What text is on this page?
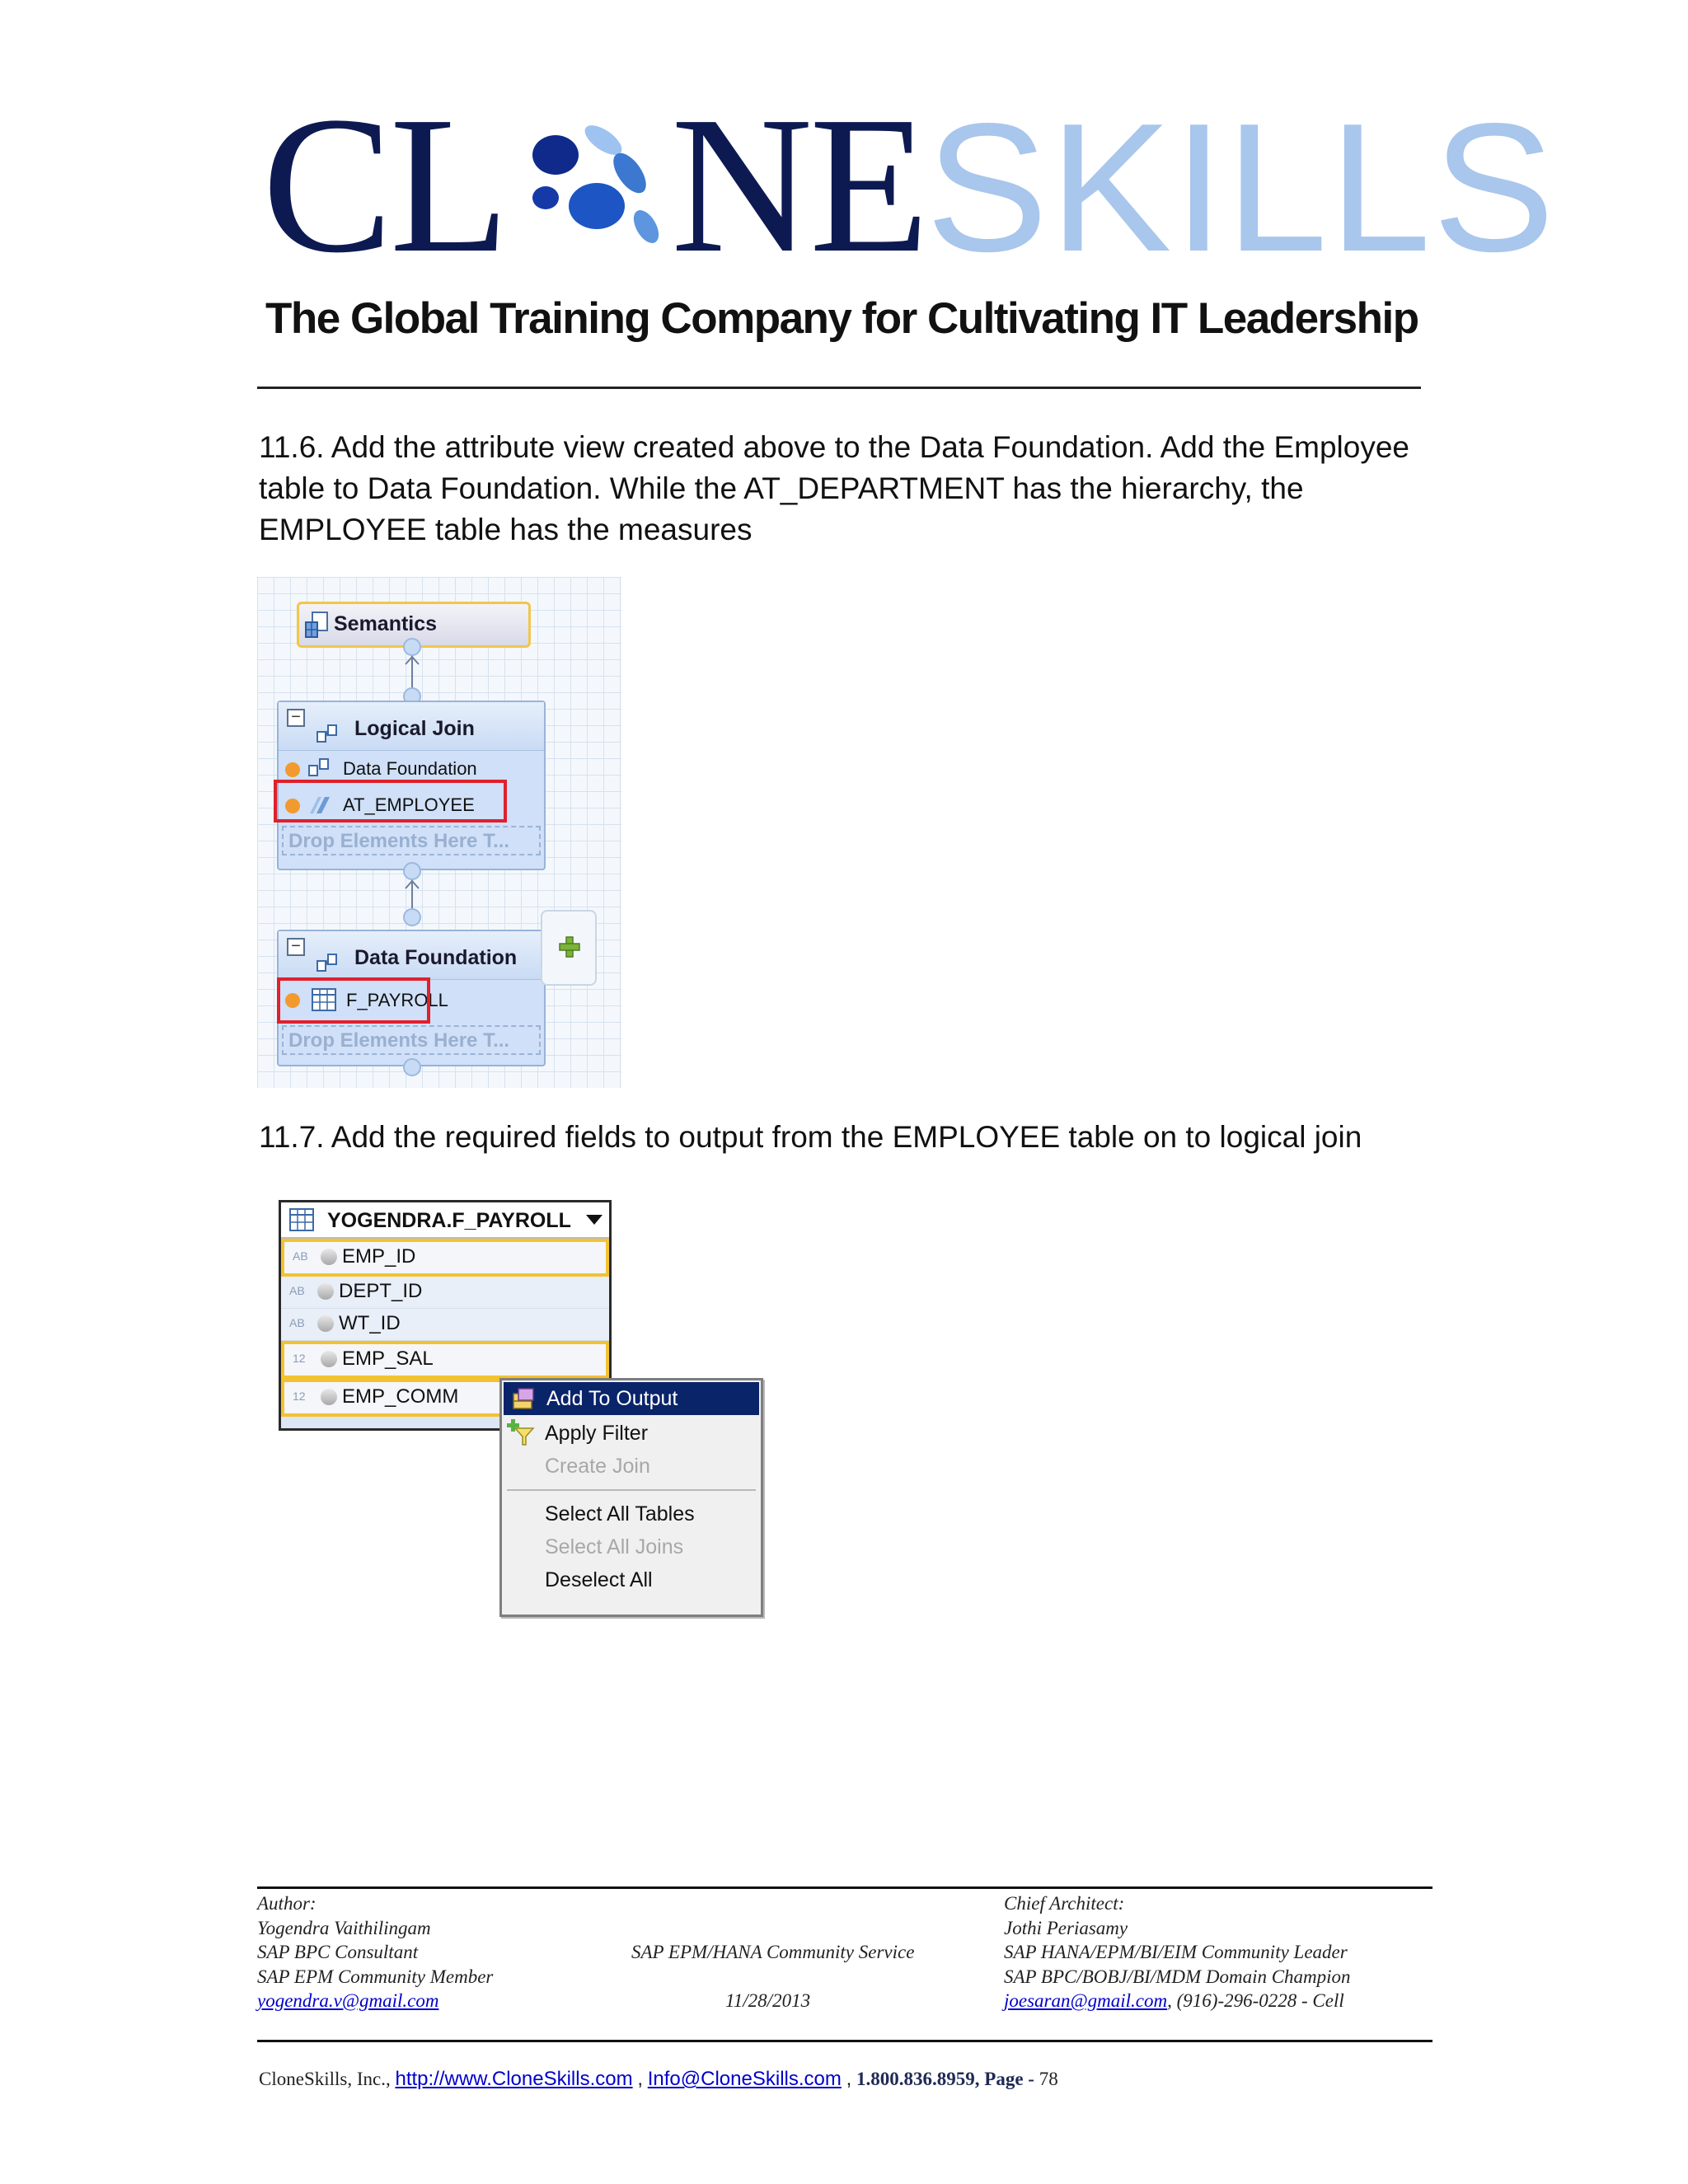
CL NESKILLS
The Global Training Company for Cultivating IT Leadership
11.6. Add the attribute view created above to the Data Foundation. Add the Employee table to Data Foundation. While the AT_DEPARTMENT has the hierarchy, the EMPLOYEE table has the measures
Semantics
−	Logical Join
Data Foundation
AT_EMPLOYEE
Drop Elements Here T...
−	Data Foundation
F_PAYROLL
Drop Elements Here T...
11.7. Add the required fields to output from the EMPLOYEE table on to logical join
YOGENDRA.F_PAYROLL
AB EMP_ID
AB DEPT_ID
AB WT_ID
12 EMP_SAL
12 EMP_COMM	Add To Output
Apply Filter
Create Join
Select All Tables
Select All Joins
Deselect All
Author:
Yogendra Vaithilingam
SAP BPC Consultant
SAP EPM Community Member
yogendra.v@gmail.com
SAP EPM/HANA Community Service
11/28/2013
Chief Architect:
Jothi Periasamy
SAP HANA/EPM/BI/EIM Community Leader
SAP BPC/BOBJ/BI/MDM Domain Champion
joesaran@gmail.com, (916)-296-0228 - Cell
CloneSkills, Inc., http://www.CloneSkills.com , Info@CloneSkills.com , 1.800.836.8959, Page - 78
